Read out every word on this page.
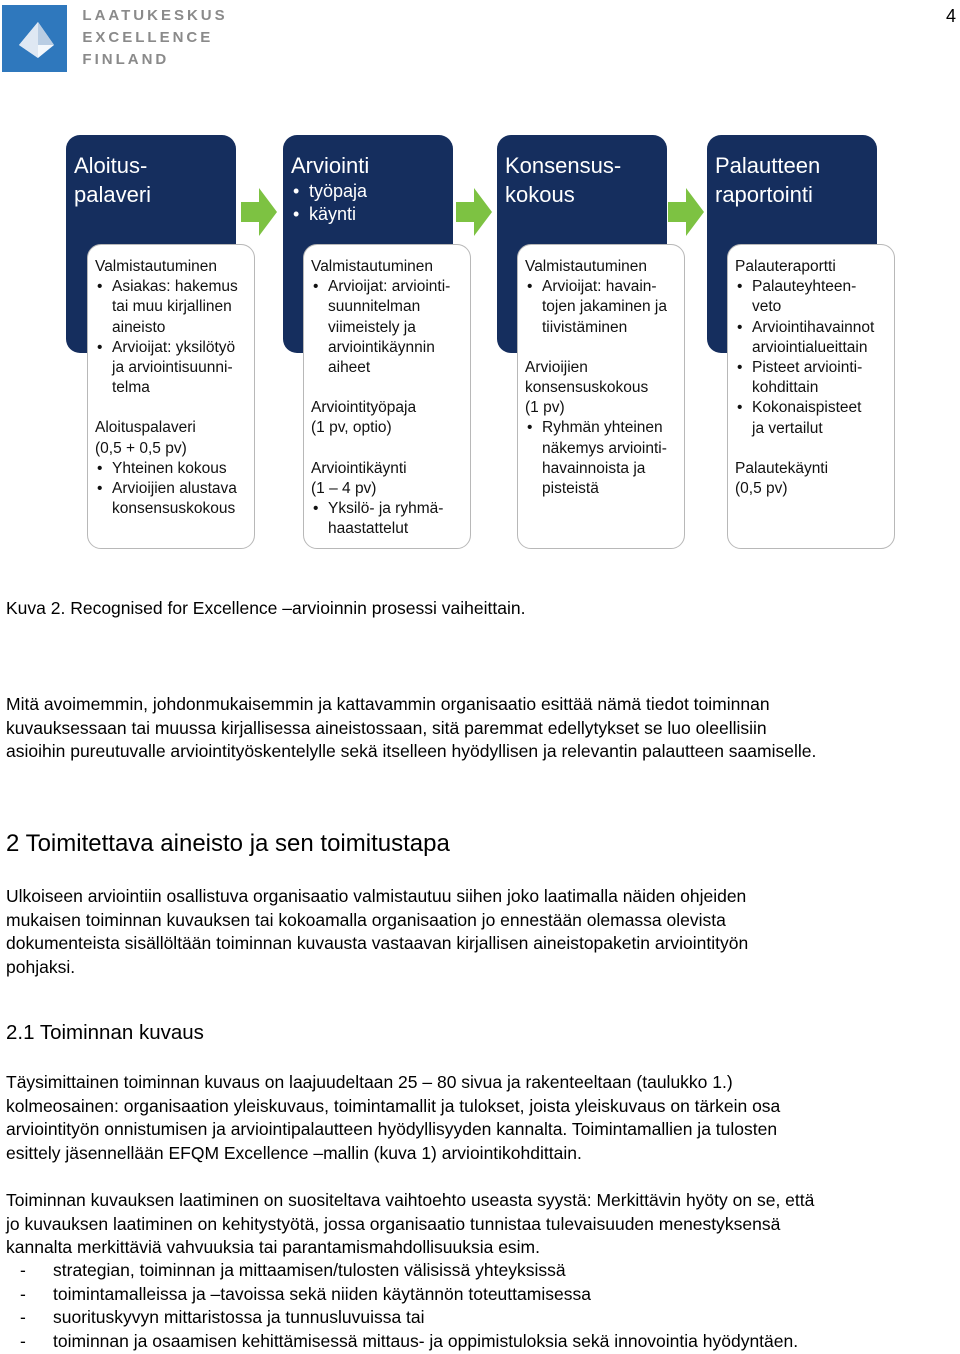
4
LAATUKESKUS
EXCELLENCE FINLAND
Aloitus-
palaveri
Valmistautuminen
• Asiakas: hakemus
tai muu kirjallinen
aineisto
• Arvioijat: yksilötyö
ja arviointisuunni-
telma
Aloituspalaveri
(0,5 + 0,5 pv)
• Yhteinen kokous
• Arvioijien alustava
konsensuskokous
Arviointi
• työpaja
• käynti
Valmistautuminen
• Arvioijat: arviointi-
suunnitelman
viimeistely ja
arviointikäynnin
aiheet
Arviointityöpaja
(1 pv, optio)
Arviointikäynti
(1 – 4 pv)
• Yksilö- ja ryhmä-
haastattelut
Konsensus-
kokous
Valmistautuminen
• Arvioijat: havain-
tojen jakaminen ja
tiivistäminen
Arvioijien
konsensuskokous
(1 pv)
• Ryhmän yhteinen
näkemys arviointi-
havainnoista ja
pisteistä
Palautteen
raportointi
Palauteraportti
• Palauteyhteen-
veto
• Arviointihavainnot
arviointialueittain
• Pisteet arviointi-
kohdittain
• Kokonaispisteet
ja vertailut
Palautekäynti
(0,5 pv)
Kuva 2. Recognised for Excellence –arvioinnin prosessi vaiheittain.
Mitä avoimemmin, johdonmukaisemmin ja kattavammin organisaatio esittää nämä tiedot toiminnan
kuvauksessaan tai muussa kirjallisessa aineistossaan, sitä paremmat edellytykset se luo oleellisiin
asioihin pureutuvalle arviointityöskentelylle sekä itselleen hyödyllisen ja relevantin palautteen saamiselle.
2 Toimitettava aineisto ja sen toimitustapa
Ulkoiseen arviointiin osallistuva organisaatio valmistautuu siihen joko laatimalla näiden ohjeiden
mukaisen toiminnan kuvauksen tai kokoamalla organisaation jo ennestään olemassa olevista
dokumenteista sisällöltään toiminnan kuvausta vastaavan kirjallisen aineistopaketin arviointityön
pohjaksi.
2.1 Toiminnan kuvaus
Täysimittainen toiminnan kuvaus on laajuudeltaan 25 – 80 sivua ja rakenteeltaan (taulukko 1.)
kolmeosainen: organisaation yleiskuvaus, toimintamallit ja tulokset, joista yleiskuvaus on tärkein osa
arviointityön onnistumisen ja arviointipalautteen hyödyllisyyden kannalta. Toimintamallien ja tulosten
esittely jäsennellään EFQM Excellence –mallin (kuva 1) arviointikohdittain.
Toiminnan kuvauksen laatiminen on suositeltava vaihtoehto useasta syystä: Merkittävin hyöty on se, että
jo kuvauksen laatiminen on kehitystyötä, jossa organisaatio tunnistaa tulevaisuuden menestyksensä
kannalta merkittäviä vahvuuksia tai parantamismahdollisuuksia esim.
- strategian, toiminnan ja mittaamisen/tulosten välisissä yhteyksissä
- toimintamalleissa ja –tavoissa sekä niiden käytännön toteuttamisessa
- suorituskyvyn mittaristossa ja tunnusluvuissa tai
- toiminnan ja osaamisen kehittämisessä mittaus- ja oppimistuloksia sekä innovointia hyödyntäen.
